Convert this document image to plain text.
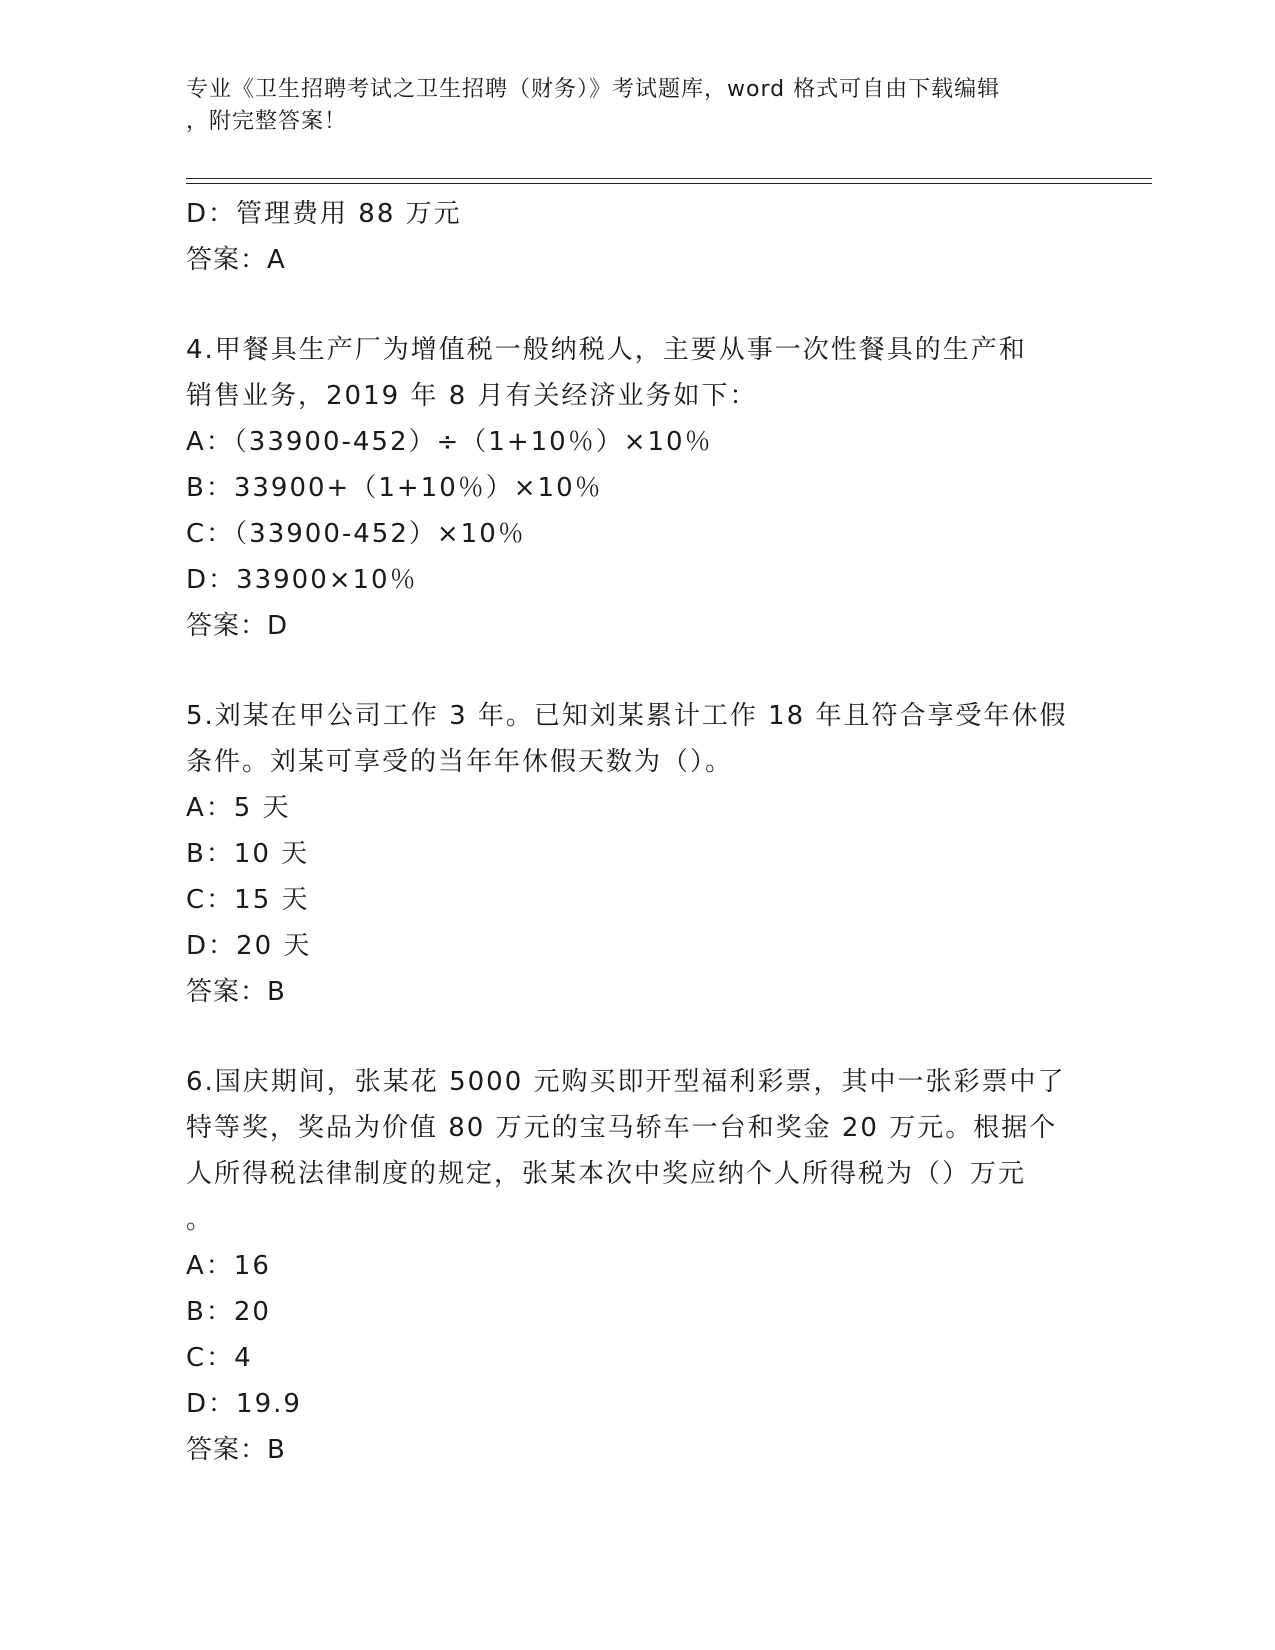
专业《卫生招聘考试之卫生招聘（财务）》考试题库，word 格式可自由下载编辑
，附完整答案！
D：管理费用 88 万元
答案：A
4.甲餐具生产厂为增值税一般纳税人，主要从事一次性餐具的生产和
销售业务，2019 年 8 月有关经济业务如下：
A：（33900-452）÷（1+10％）×10％
B：33900+（1+10％）×10％
C：（33900-452）×10％
D：33900×10％
答案：D
5.刘某在甲公司工作 3 年。已知刘某累计工作 18 年且符合享受年休假
条件。刘某可享受的当年年休假天数为（）。
A：5 天
B：10 天
C：15 天
D：20 天
答案：B
6.国庆期间，张某花 5000 元购买即开型福利彩票，其中一张彩票中了
特等奖，奖品为价值 80 万元的宝马轿车一台和奖金 20 万元。根据个
人所得税法律制度的规定，张某本次中奖应纳个人所得税为（）万元
。
A：16
B：20
C：4
D：19.9
答案：B
